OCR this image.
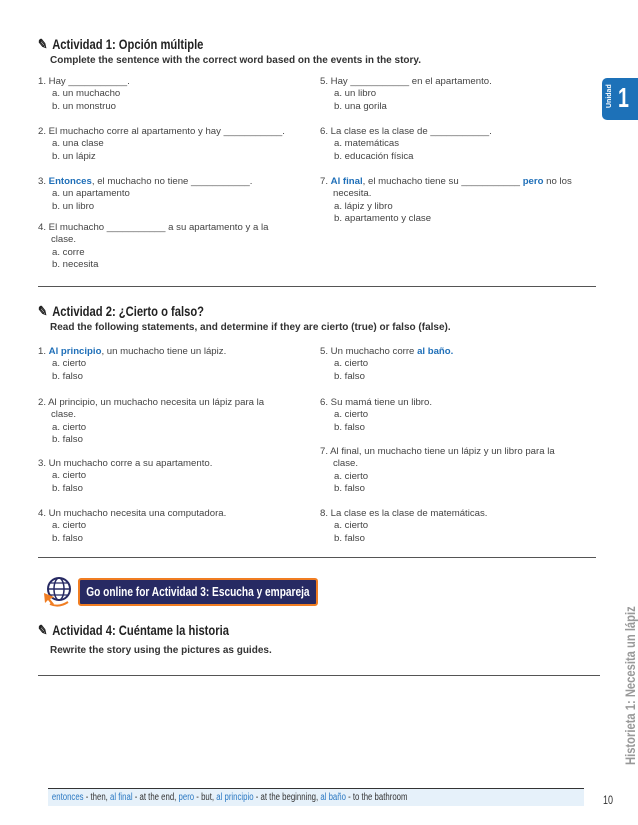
✎ Actividad 1: Opción múltiple
Complete the sentence with the correct word based on the events in the story.
1. Hay ___________.
a. un muchacho
b. un monstruo
2. El muchacho corre al apartamento y hay ___________.
a. una clase
b. un lápiz
3. Entonces, el muchacho no tiene ___________.
a. un apartamento
b. un libro
4. El muchacho ___________ a su apartamento y a la
clase.
a. corre
b. necesita
5. Hay ___________ en el apartamento.
a. un libro
b. una gorila
6. La clase es la clase de ___________.
a. matemáticas
b. educación física
7. Al final, el muchacho tiene su ___________ pero no los
necesita.
a. lápiz y libro
b. apartamento y clase
Unidad 1
✎ Actividad 2: ¿Cierto o falso?
Read the following statements, and determine if they are cierto (true) or falso (false).
1. Al principio, un muchacho tiene un lápiz.
a. cierto
b. falso
2. Al principio, un muchacho necesita un lápiz para la
clase.
a. cierto
b. falso
3. Un muchacho corre a su apartamento.
a. cierto
b. falso
4. Un muchacho necesita una computadora.
a. cierto
b. falso
5. Un muchacho corre al baño.
a. cierto
b. falso
6. Su mamá tiene un libro.
a. cierto
b. falso
7. Al final, un muchacho tiene un lápiz y un libro para la
clase.
a. cierto
b. falso
8. La clase es la clase de matemáticas.
a. cierto
b. falso
Go online for Actividad 3: Escucha y empareja
✎ Actividad 4: Cuéntame la historia
Rewrite the story using the pictures as guides.	Historieta 1: Necesita un lápiz
entonces - then, al final - at the end, pero - but, al principio - at the beginning, al baño - to the bathroom	10
